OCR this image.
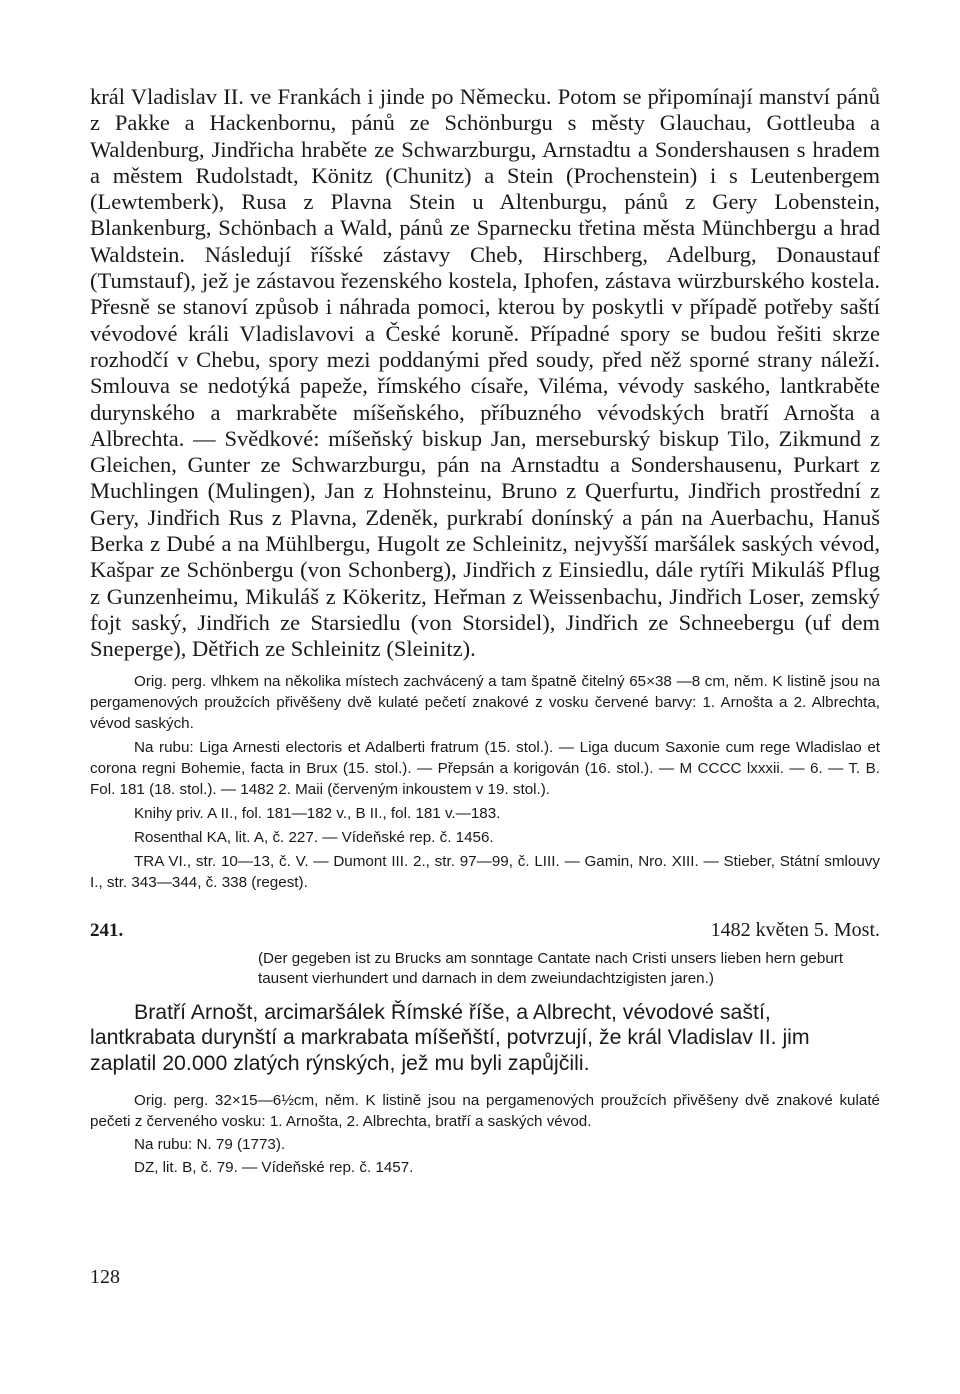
král Vladislav II. ve Frankách i jinde po Německu. Potom se připomínají manství pánů z Pakke a Hackenbornu, pánů ze Schönburgu s městy Glauchau, Gottleuba a Waldenburg, Jindřicha hraběte ze Schwarzburgu, Arnstadtu a Sondershausen s hradem a městem Rudolstadt, Könitz (Chunitz) a Stein (Prochenstein) i s Leutenbergem (Lewtemberk), Rusa z Plavna Stein u Altenburgu, pánů z Gery Lobenstein, Blankenburg, Schönbach a Wald, pánů ze Sparnecku třetina města Münchbergu a hrad Waldstein. Následují říšské zástavy Cheb, Hirschberg, Adelburg, Donaustauf (Tumstauf), jež je zástavou řezenského kostela, Iphofen, zástava würzburského kostela. Přesně se stanoví způsob i náhrada pomoci, kterou by poskytli v případě potřeby saští vévodové králi Vladislavovi a České koruně. Případné spory se budou řešiti skrze rozhodčí v Chebu, spory mezi poddanými před soudy, před něž sporné strany náleží. Smlouva se nedotýká papeže, římského císaře, Viléma, vévody saského, lantkraběte durynského a markraběte míšeňského, příbuzného vévodských bratří Arnošta a Albrechta. — Svědkové: míšeňský biskup Jan, merseburský biskup Tilo, Zikmund z Gleichen, Gunter ze Schwarzburgu, pán na Arnstadtu a Sondershausenu, Purkart z Muchlingen (Mulingen), Jan z Hohnsteinu, Bruno z Querfurtu, Jindřich prostřední z Gery, Jindřich Rus z Plavna, Zdeněk, purkrabí donínský a pán na Auerbachu, Hanuš Berka z Dubé a na Mühlbergu, Hugolt ze Schleinitz, nejvyšší maršálek saských vévod, Kašpar ze Schönbergu (von Schonberg), Jindřich z Einsiedlu, dále rytíři Mikuláš Pflug z Gunzenheimu, Mikuláš z Kökeritz, Heřman z Weissenbachu, Jindřich Loser, zemský fojt saský, Jindřich ze Starsiedlu (von Storsidel), Jindřich ze Schneebergu (uf dem Sneperge), Dětřich ze Schleinitz (Sleinitz).

Orig. perg. vlhkem na několika místech zachvácený a tam špatně čitelný 65×38 —8 cm, něm. K listině jsou na pergamenových proužcích přivěšeny dvě kulaté pečetí znakové z vosku červené barvy: 1. Arnošta a 2. Albrechta, vévod saských.

Na rubu: Liga Arnesti electoris et Adalberti fratrum (15. stol.). — Liga ducum Saxonie cum rege Wladislao et corona regni Bohemie, facta in Brux (15. stol.). — Přepsán a korigován (16. stol.). — M CCCC lxxxii. — 6. — T. B. Fol. 181 (18. stol.). — 1482 2. Maii (červeným inkoustem v 19. stol.).

Knihy priv. A II., fol. 181—182 v., B II., fol. 181 v.—183.

Rosenthal KA, lit. A, č. 227. — Vídeňské rep. č. 1456.

TRA VI., str. 10—13, č. V. — Dumont III. 2., str. 97—99, č. LIII. — Gamin, Nro. XIII. — Stieber, Státní smlouvy I., str. 343—344, č. 338 (regest).

241.	1482 květen 5. Most.

(Der gegeben ist zu Brucks am sonntage Cantate nach Cristi unsers lieben hern geburt tausent vierhundert und darnach in dem zweiundachtzigisten jaren.)

Bratří Arnošt, arcimaršálek Římské říše, a Albrecht, vévodové saští, lantkrabata durynští a markrabata míšeňští, potvrzují, že král Vladislav II. jim zaplatil 20.000 zlatých rýnských, jež mu byli zapůjčili.

Orig. perg. 32×15—6½cm, něm. K listině jsou na pergamenových proužcích přivěšeny dvě znakové kulaté pečeti z červeného vosku: 1. Arnošta, 2. Albrechta, bratří a saských vévod.

Na rubu: N. 79 (1773).

DZ, lit. B, č. 79. — Vídeňské rep. č. 1457.

128
